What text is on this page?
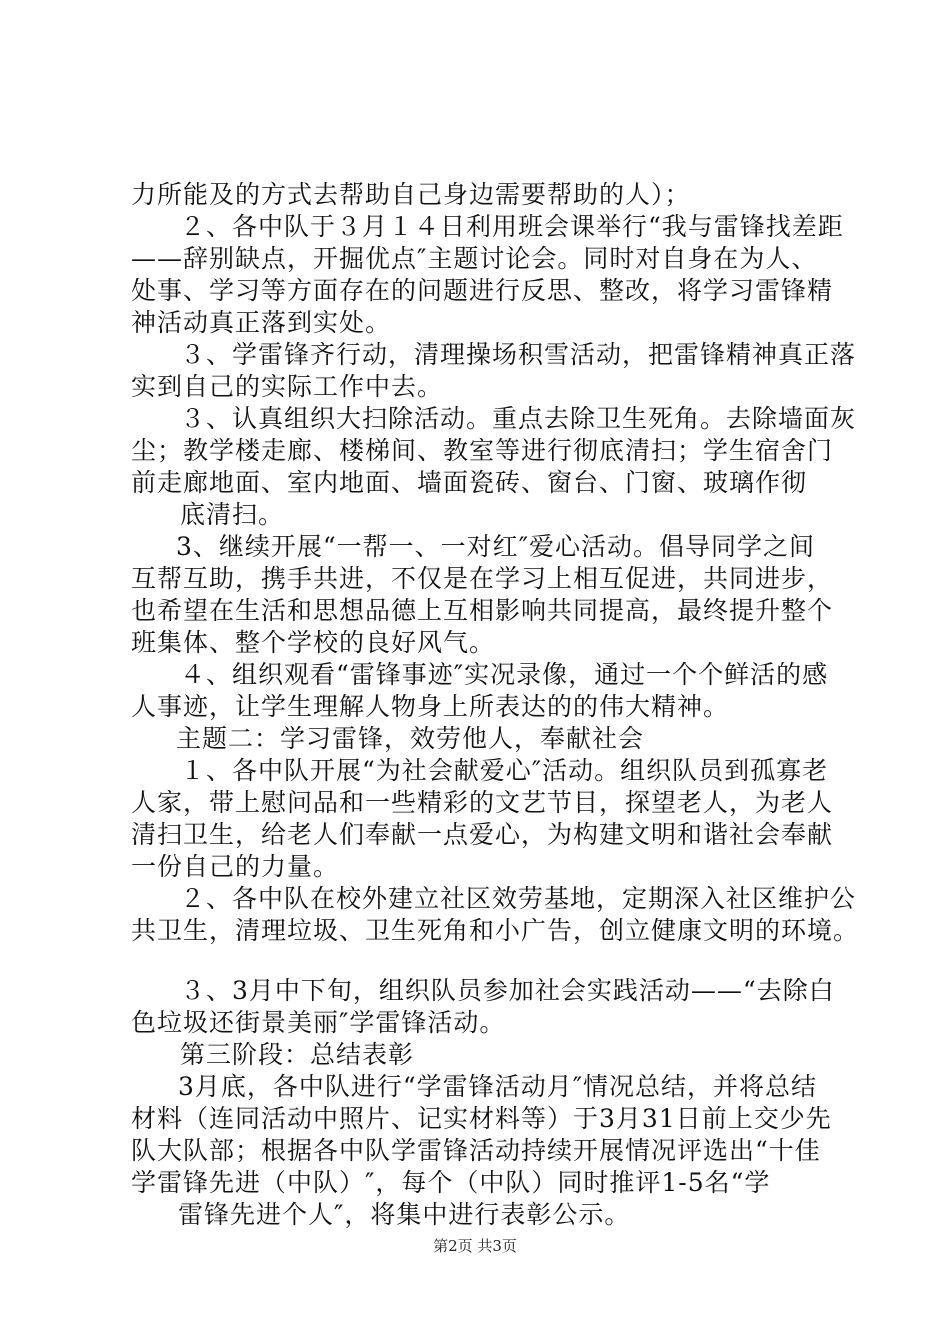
力所能及的方式去帮助自己身边需要帮助的人）；
２、各中队于３月１４日利用班会课举行“我与雷锋找差距
——辞别缺点，开掘优点″主题讨论会。同时对自身在为人、
处事、学习等方面存在的问题进行反思、整改，将学习雷锋精
神活动真正落到实处。
３、学雷锋齐行动，清理操场积雪活动，把雷锋精神真正落
实到自己的实际工作中去。
３、认真组织大扫除活动。重点去除卫生死角。去除墙面灰
尘；教学楼走廊、楼梯间、教室等进行彻底清扫；学生宿舍门
前走廊地面、室内地面、墙面瓷砖、窗台、门窗、玻璃作彻
底清扫。
3、继续开展“一帮一、一对红″爱心活动。倡导同学之间
互帮互助，携手共进，不仅是在学习上相互促进，共同进步，
也希望在生活和思想品德上互相影响共同提高，最终提升整个
班集体、整个学校的良好风气。
４、组织观看“雷锋事迹″实况录像，通过一个个鲜活的感
人事迹，让学生理解人物身上所表达的的伟大精神。
主题二：学习雷锋，效劳他人，奉献社会
１、各中队开展“为社会献爱心″活动。组织队员到孤寡老
人家，带上慰问品和一些精彩的文艺节目，探望老人，为老人
清扫卫生，给老人们奉献一点爱心，为构建文明和谐社会奉献
一份自己的力量。
２、各中队在校外建立社区效劳基地，定期深入社区维护公
共卫生，清理垃圾、卫生死角和小广告，创立健康文明的环境。
３、3月中下旬，组织队员参加社会实践活动——“去除白
色垃圾还街景美丽″学雷锋活动。
第三阶段：总结表彰
3月底，各中队进行“学雷锋活动月″情况总结，并将总结
材料（连同活动中照片、记实材料等）于3月31日前上交少先
队大队部；根据各中队学雷锋活动持续开展情况评选出“十佳
学雷锋先进（中队）″，每个（中队）同时推评1-5名“学
雷锋先进个人″，将集中进行表彰公示。
第2页 共3页
